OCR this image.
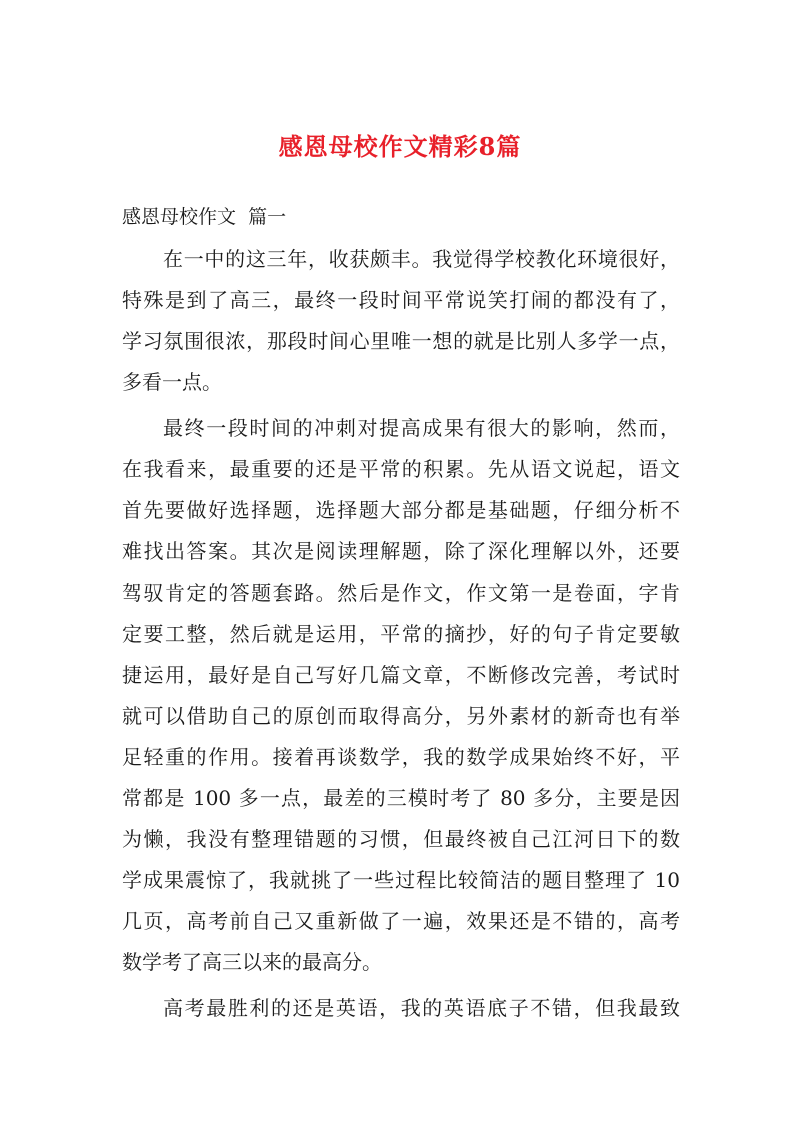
感恩母校作文精彩8篇

感恩母校作文  篇一

在一中的这三年，收获颇丰。我觉得学校教化环境很好，

特殊是到了高三，最终一段时间平常说笑打闹的都没有了，

学习氛围很浓，那段时间心里唯一想的就是比别人多学一点，

多看一点。

最终一段时间的冲刺对提高成果有很大的影响，然而，

在我看来，最重要的还是平常的积累。先从语文说起，语文

首先要做好选择题，选择题大部分都是基础题，仔细分析不

难找出答案。其次是阅读理解题，除了深化理解以外，还要

驾驭肯定的答题套路。然后是作文，作文第一是卷面，字肯

定要工整，然后就是运用，平常的摘抄，好的句子肯定要敏

捷运用，最好是自己写好几篇文章，不断修改完善，考试时

就可以借助自己的原创而取得高分，另外素材的新奇也有举

足轻重的作用。接着再谈数学，我的数学成果始终不好，平

常都是 100 多一点，最差的三模时考了 80 多分，主要是因

为懒，我没有整理错题的习惯，但最终被自己江河日下的数

学成果震惊了，我就挑了一些过程比较简洁的题目整理了 10

几页，高考前自己又重新做了一遍，效果还是不错的，高考

数学考了高三以来的最高分。

高考最胜利的还是英语，我的英语底子不错，但我最致
